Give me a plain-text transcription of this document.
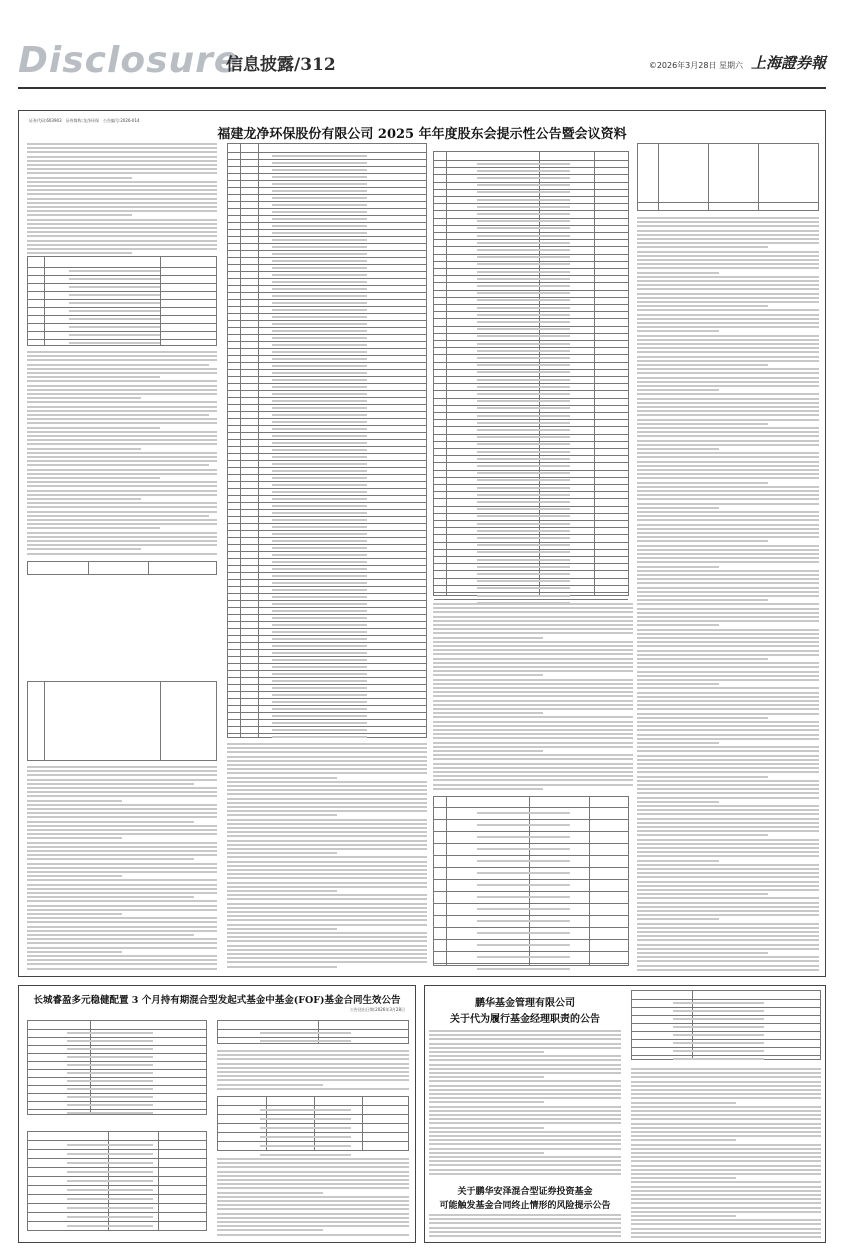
Disclosure
信息披露/312	©2026年3月28日 星期六 上海證券報
证券代码:603903　证券简称:龙净环保　公告编号:2026-014
福建龙净环保股份有限公司 2025 年年度股东会提示性公告暨会议资料
长城睿盈多元稳健配置 3 个月持有期混合型发起式基金中基金(FOF)基金合同生效公告
公告送出日期:2026年3月28日
鹏华基金管理有限公司
关于代为履行基金经理职责的公告
关于鹏华安泽混合型证券投资基金
可能触发基金合同终止情形的风险提示公告
